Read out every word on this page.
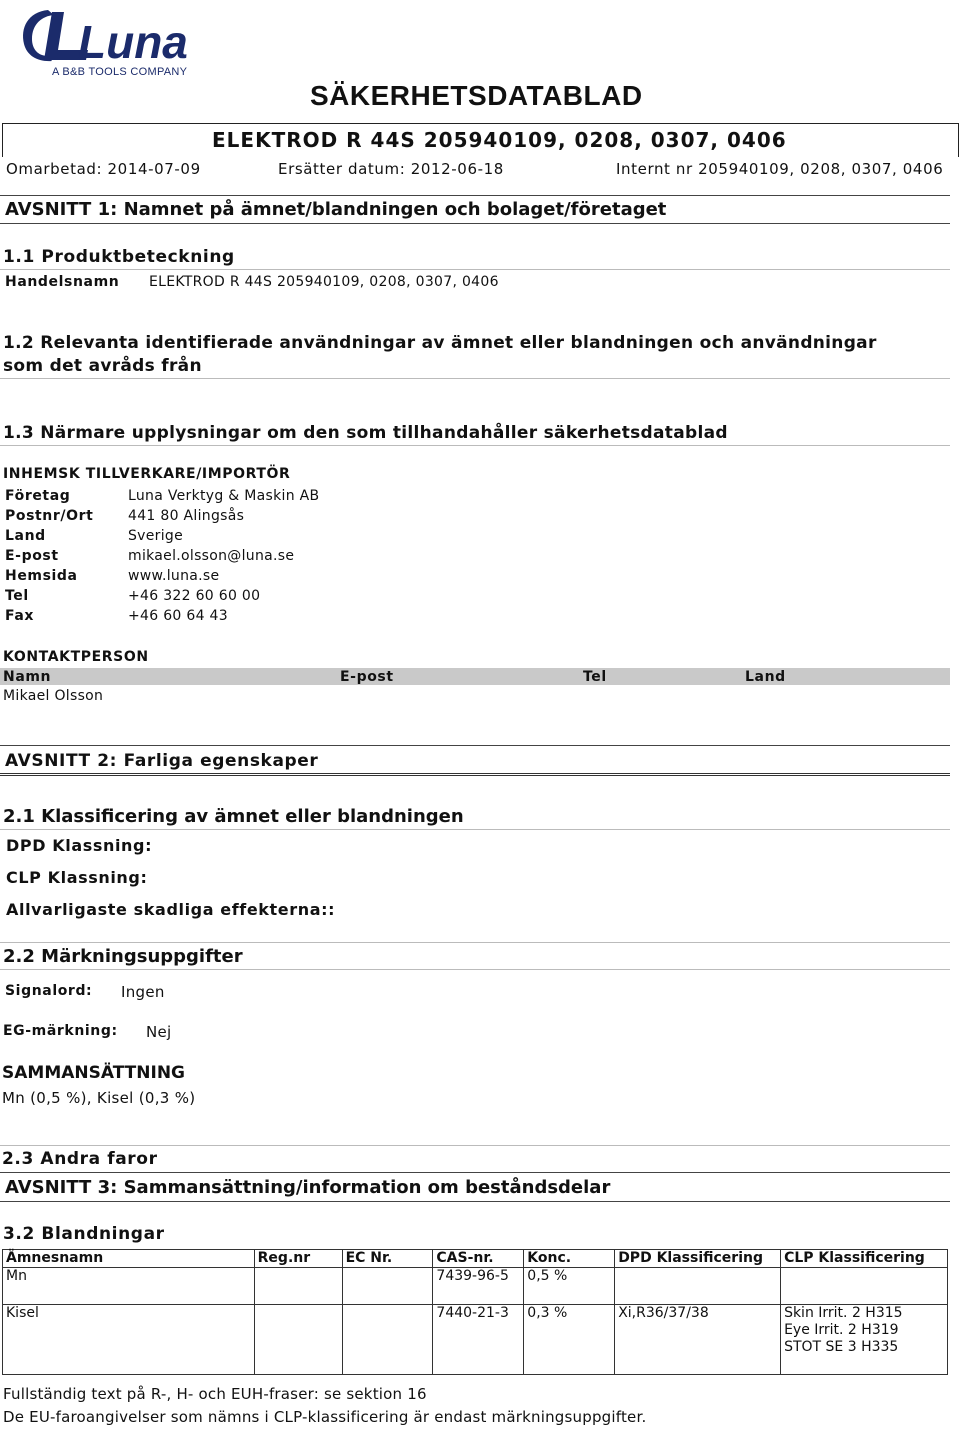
Luna
A B&B TOOLS COMPANY
SÄKERHETSDATABLAD
ELEKTROD R 44S 205940109, 0208, 0307, 0406
Omarbetad: 2014-07-09	Ersätter datum: 2012-06-18	Internt nr 205940109, 0208, 0307, 0406
AVSNITT 1: Namnet på ämnet/blandningen och bolaget/företaget
1.1 Produktbeteckning
Handelsnamn ELEKTROD R 44S 205940109, 0208, 0307, 0406
1.2 Relevanta identifierade användningar av ämnet eller blandningen och användningar
som det avråds från
1.3 Närmare upplysningar om den som tillhandahåller säkerhetsdatablad
INHEMSK TILLVERKARE/IMPORTÖR
Företag	Luna Verktyg & Maskin AB
Postnr/Ort 441 80 Alingsås
Land	Sverige
E-post	mikael.olsson@luna.se
Hemsida	www.luna.se
Tel	+46 322 60 60 00
Fax	+46 60 64 43
KONTAKTPERSON
Namn	E-post	Tel	Land
Mikael Olsson
AVSNITT 2: Farliga egenskaper
2.1 Klassificering av ämnet eller blandningen
DPD Klassning:
CLP Klassning:
Allvarligaste skadliga effekterna::
2.2 Märkningsuppgifter
Signalord: Ingen
EG-märkning: Nej
SAMMANSÄTTNING
Mn (0,5 %), Kisel (0,3 %)
2.3 Andra faror
AVSNITT 3: Sammansättning/information om beståndsdelar
3.2 Blandningar
Ämnesnamn	Reg.nr	EC Nr.	CAS-nr.	Konc.	DPD Klassificering	CLP Klassificering
Mn			7439-96-5	0,5 %		
Kisel			7440-21-3	0,3 %	Xi,R36/37/38	Skin Irrit. 2 H315
Eye Irrit. 2 H319
STOT SE 3 H335
Fullständig text på R-, H- och EUH-fraser: se sektion 16
De EU-faroangivelser som nämns i CLP-klassificering är endast märkningsuppgifter.
